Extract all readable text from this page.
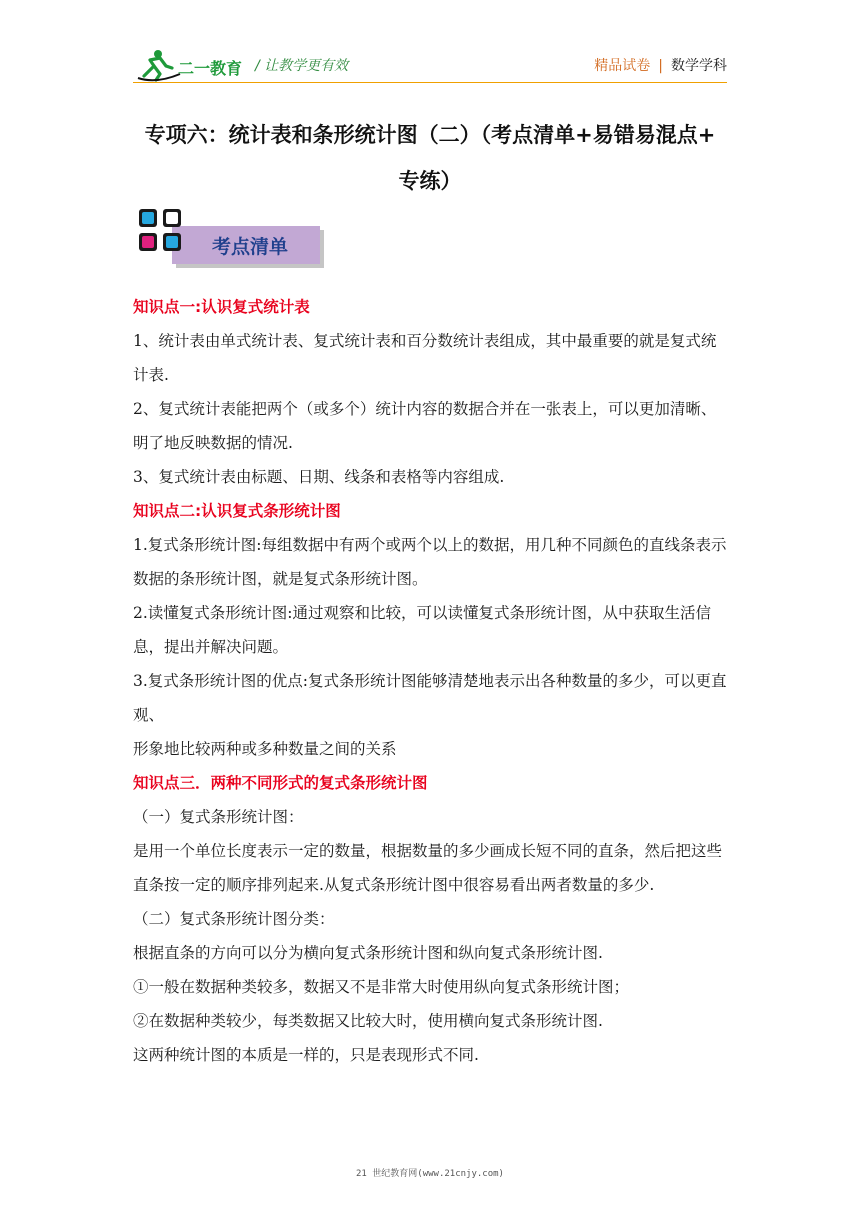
二一教育 / 让教学更有效	精品试卷 | 数学学科
专项六：统计表和条形统计图（二）（考点清单+易错易混点+
专练）
考点清单

知识点一:认识复式统计表

1、统计表由单式统计表、复式统计表和百分数统计表组成，其中最重要的就是复式统计表.

2、复式统计表能把两个（或多个）统计内容的数据合并在一张表上，可以更加清晰、明了地反映数据的情况.

3、复式统计表由标题、日期、线条和表格等内容组成.

知识点二:认识复式条形统计图

1.复式条形统计图:每组数据中有两个或两个以上的数据，用几种不同颜色的直线条表示数据的条形统计图，就是复式条形统计图。

2.读懂复式条形统计图:通过观察和比较，可以读懂复式条形统计图，从中获取生活信息，提出并解决问题。

3.复式条形统计图的优点:复式条形统计图能够清楚地表示出各种数量的多少，可以更直观、

形象地比较两种或多种数量之间的关系

知识点三．两种不同形式的复式条形统计图

（一）复式条形统计图：

是用一个单位长度表示一定的数量，根据数量的多少画成长短不同的直条，然后把这些直条按一定的顺序排列起来.从复式条形统计图中很容易看出两者数量的多少.

（二）复式条形统计图分类：

根据直条的方向可以分为横向复式条形统计图和纵向复式条形统计图.

①一般在数据种类较多，数据又不是非常大时使用纵向复式条形统计图；

②在数据种类较少，每类数据又比较大时，使用横向复式条形统计图.

这两种统计图的本质是一样的，只是表现形式不同.

21 世纪教育网(www.21cnjy.com)
